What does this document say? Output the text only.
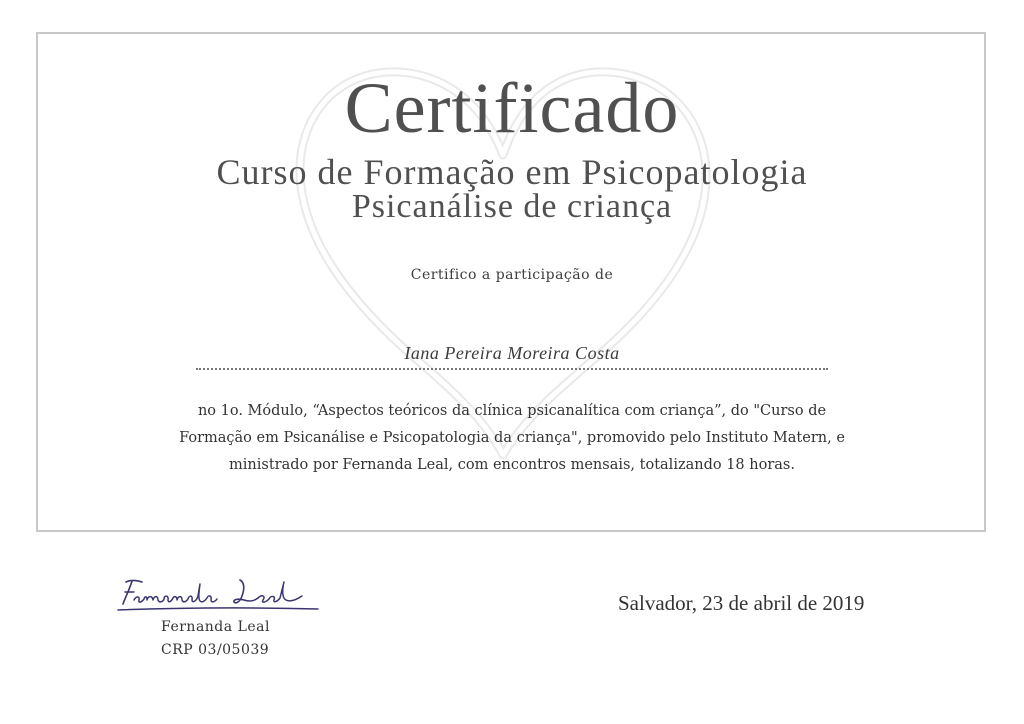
Certificado
Curso de Formação em Psicopatologia
Psicanálise de criança
Certifico a participação de
Iana Pereira Moreira Costa
no 1o. Módulo, “Aspectos teóricos da clínica psicanalítica com criança”, do "Curso de
Formação em Psicanálise e Psicopatologia da criança", promovido pelo Instituto Matern, e
ministrado por Fernanda Leal, com encontros mensais, totalizando 18 horas.
Fernanda Leal
CRP 03/05039
Salvador, 23 de abril de 2019
